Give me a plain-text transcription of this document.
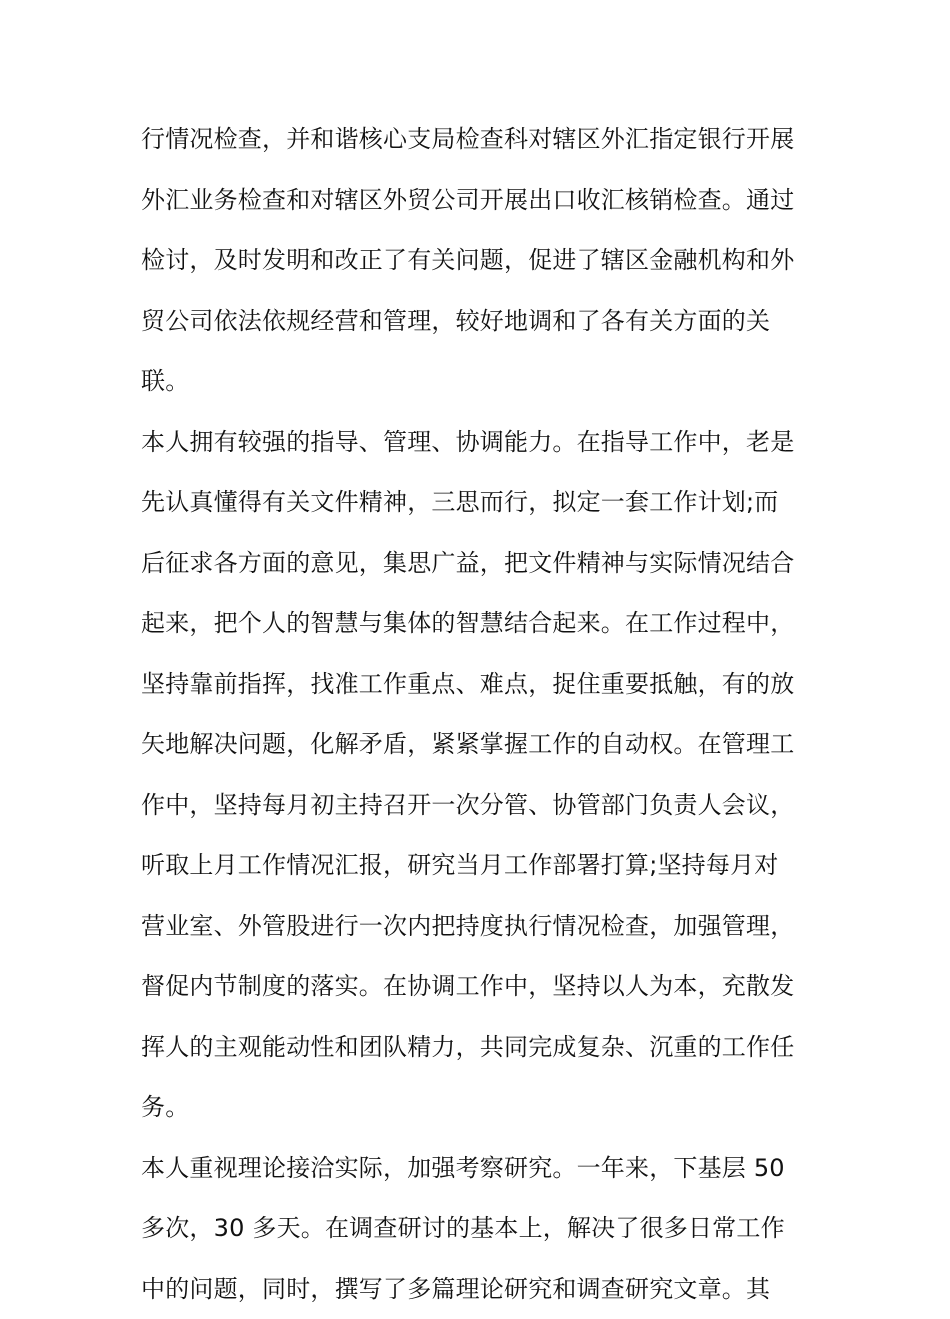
行情况检查，并和谐核心支局检查科对辖区外汇指定银行开展
外汇业务检查和对辖区外贸公司开展出口收汇核销检查。通过
检讨，及时发明和改正了有关问题，促进了辖区金融机构和外
贸公司依法依规经营和管理，较好地调和了各有关方面的关
联。
本人拥有较强的指导、管理、协调能力。在指导工作中，老是
先认真懂得有关文件精神，三思而行，拟定一套工作计划;而
后征求各方面的意见，集思广益，把文件精神与实际情况结合
起来，把个人的智慧与集体的智慧结合起来。在工作过程中，
坚持靠前指挥，找准工作重点、难点，捉住重要抵触，有的放
矢地解决问题，化解矛盾，紧紧掌握工作的自动权。在管理工
作中，坚持每月初主持召开一次分管、协管部门负责人会议，
听取上月工作情况汇报，研究当月工作部署打算;坚持每月对
营业室、外管股进行一次内把持度执行情况检查，加强管理，
督促内节制度的落实。在协调工作中，坚持以人为本，充散发
挥人的主观能动性和团队精力，共同完成复杂、沉重的工作任
务。
本人重视理论接洽实际，加强考察研究。一年来，下基层 50
多次，30 多天。在调查研讨的基本上，解决了很多日常工作
中的问题，同时，撰写了多篇理论研究和调查研究文章。其
